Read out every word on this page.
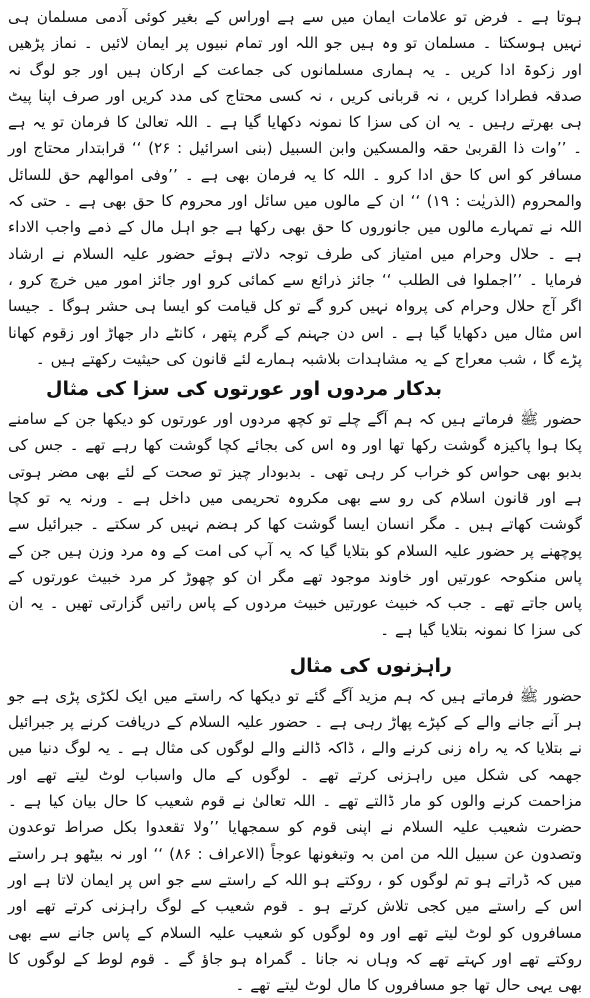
ہوتا ہے ۔ فرض تو علامات ایمان میں سے ہے اوراس کے بغیر کوئی آدمی مسلمان ہی نہیں ہوسکتا ۔ مسلمان تو وہ ہیں جو اللہ اور تمام نبیوں پر ایمان لائیں ۔ نماز پڑھیں اور زکوۃ ادا کریں ۔ یہ ہماری مسلمانوں کی جماعت کے ارکان ہیں اور جو لوگ نہ صدقہ فطرادا کریں ، نہ قربانی کریں ، نہ کسی محتاج کی مدد کریں اور صرف اپنا پیٹ ہی بھرتے رہیں ۔ یہ ان کی سزا کا نمونہ دکھایا گیا ہے ۔ اللہ تعالیٰ کا فرمان تو یہ ہے ۔ ’’وات ذا القربیٰ حقہ والمسکین وابن السبیل (بنی اسرائیل : ۲۶) ‘‘ قرابتدار محتاج اور مسافر کو اس کا حق ادا کرو ۔ اللہ کا یہ فرمان بھی ہے ۔ ’’وفی اموالھم حق للسائل والمحروم (الذریٰت : ۱۹) ‘‘ ان کے مالوں میں سائل اور محروم کا حق بھی ہے ۔ حتی کہ اللہ نے تمہارے مالوں میں جانوروں کا حق بھی رکھا ہے جو اہل مال کے ذمے واجب الاداء ہے ۔ حلال وحرام میں امتیاز کی طرف توجہ دلاتے ہوئے حضور علیہ السلام نے ارشاد فرمایا ۔ ’’اجملوا فی الطلب ‘‘ جائز ذرائع سے کمائی کرو اور جائز امور میں خرچ کرو ، اگر آج حلال وحرام کی پرواہ نہیں کرو گے تو کل قیامت کو ایسا ہی حشر ہوگا ۔ جیسا اس مثال میں دکھایا گیا ہے ۔ اس دن جہنم کے گرم پتھر ، کانٹے دار جھاڑ اور زقوم کھانا پڑے گا ، شب معراج کے یہ مشاہدات بلاشبہ ہمارے لئے قانون کی حیثیت رکھتے ہیں ۔

بدکار مردوں اور عورتوں کی سزا کی مثال

حضور ﷺ فرماتے ہیں کہ ہم آگے چلے تو کچھ مردوں اور عورتوں کو دیکھا جن کے سامنے پکا ہوا پاکیزہ گوشت رکھا تھا اور وہ اس کی بجائے کچا گوشت کھا رہے تھے ۔ جس کی بدبو بھی حواس کو خراب کر رہی تھی ۔ بدبودار چیز تو صحت کے لئے بھی مضر ہوتی ہے اور قانون اسلام کی رو سے بھی مکروہ تحریمی میں داخل ہے ۔ ورنہ یہ تو کچا گوشت کھاتے ہیں ۔ مگر انسان ایسا گوشت کھا کر ہضم نہیں کر سکتے ۔ جبرائیل سے پوچھنے پر حضور علیہ السلام کو بتلایا گیا کہ یہ آپ کی امت کے وہ مرد وزن ہیں جن کے پاس منکوحہ عورتیں اور خاوند موجود تھے مگر ان کو چھوڑ کر مرد خبیث عورتوں کے پاس جاتے تھے ۔ جب کہ خبیث عورتیں خبیث مردوں کے پاس راتیں گزارتی تھیں ۔ یہ ان کی سزا کا نمونہ بتلایا گیا ہے ۔

راہزنوں کی مثال

حضور ﷺ فرماتے ہیں کہ ہم مزید آگے گئے تو دیکھا کہ راستے میں ایک لکڑی پڑی ہے جو ہر آنے جانے والے کے کپڑے پھاڑ رہی ہے ۔ حضور علیہ السلام کے دریافت کرنے پر جبرائیل نے بتلایا کہ یہ راہ زنی کرنے والے ، ڈاکہ ڈالنے والے لوگوں کی مثال ہے ۔ یہ لوگ دنیا میں جھمہ کی شکل میں راہزنی کرتے تھے ۔ لوگوں کے مال واسباب لوٹ لیتے تھے اور مزاحمت کرنے والوں کو مار ڈالتے تھے ۔ اللہ تعالیٰ نے قوم شعیب کا حال بیان کیا ہے ۔ حضرت شعیب علیہ السلام نے اپنی قوم کو سمجھایا ’’ولا تقعدوا بکل صراط توعدون وتصدون عن سبیل اللہ من امن بہ وتبغونھا عوجاً (الاعراف : ۸۶) ‘‘ اور نہ بیٹھو ہر راستے میں کہ ڈراتے ہو تم لوگوں کو ، روکتے ہو اللہ کے راستے سے جو اس پر ایمان لاتا ہے اور اس کے راستے میں کجی تلاش کرتے ہو ۔ قوم شعیب کے لوگ راہزنی کرتے تھے اور مسافروں کو لوٹ لیتے تھے اور وہ لوگوں کو شعیب علیہ السلام کے پاس جانے سے بھی روکتے تھے اور کہتے تھے کہ وہاں نہ جانا ۔ گمراہ ہو جاؤ گے ۔ قوم لوط کے لوگوں کا بھی یہی حال تھا جو مسافروں کا مال لوٹ لیتے تھے ۔
